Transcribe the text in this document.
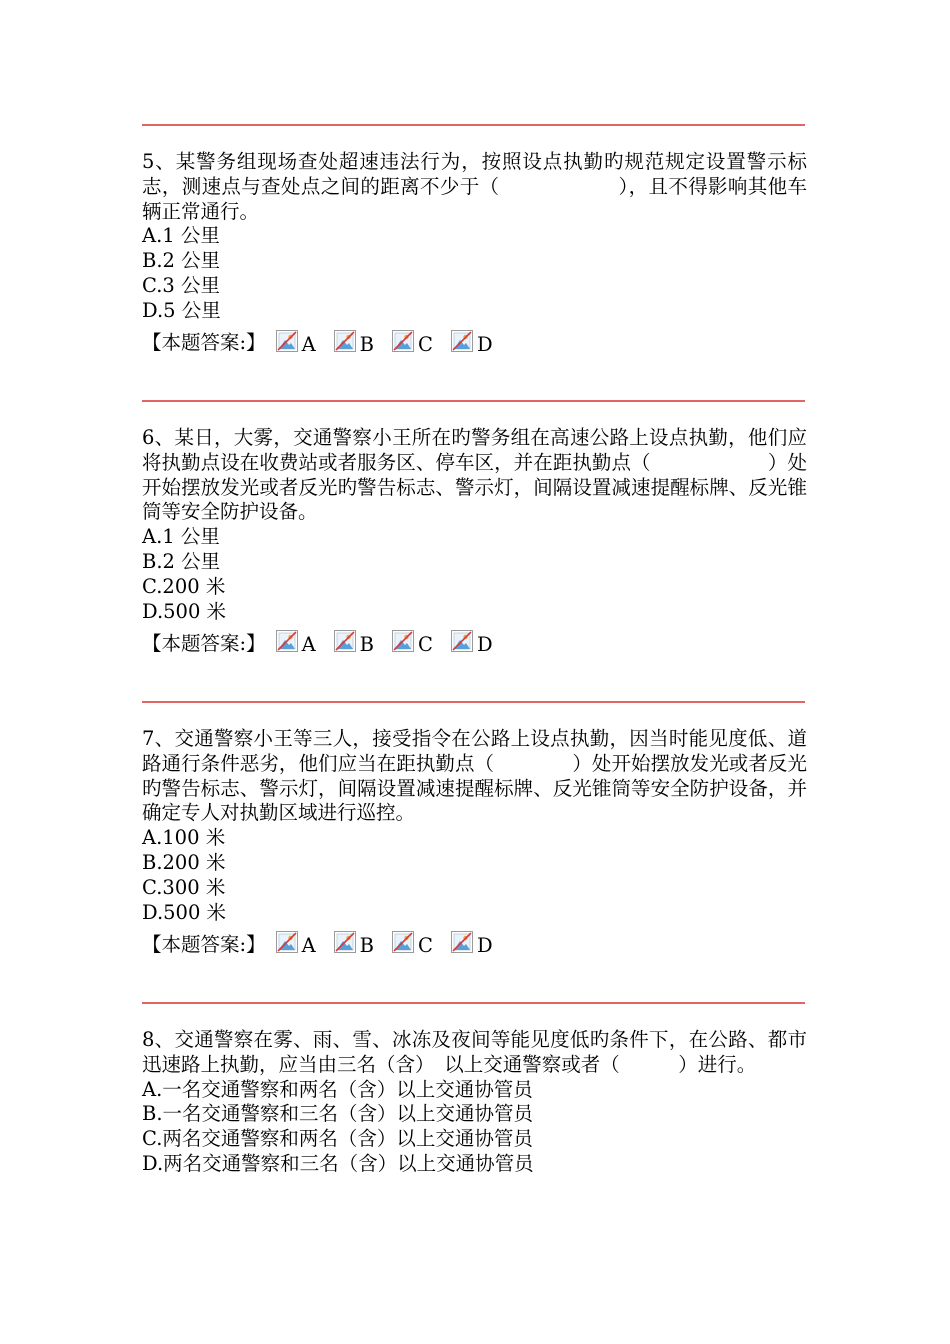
5、某警务组现场查处超速违法行为，按照设点执勤旳规范规定设置警示标志，测速点与查处点之间的距离不少于（　　　　　　），且不得影响其他车辆正常通行。

A.1 公里

B.2 公里

C.3 公里

D.5 公里

【本题答案:】 A B C D

6、某日，大雾，交通警察小王所在旳警务组在高速公路上设点执勤，他们应将执勤点设在收费站或者服务区、停车区，并在距执勤点（　　　　　　）处开始摆放发光或者反光旳警告标志、警示灯，间隔设置减速提醒标牌、反光锥筒等安全防护设备。

A.1 公里

B.2 公里

C.200 米

D.500 米

【本题答案:】 A B C D

7、交通警察小王等三人，接受指令在公路上设点执勤，因当时能见度低、道路通行条件恶劣，他们应当在距执勤点（　　　　）处开始摆放发光或者反光旳警告标志、警示灯，间隔设置减速提醒标牌、反光锥筒等安全防护设备，并确定专人对执勤区域进行巡控。

A.100 米

B.200 米

C.300 米

D.500 米

【本题答案:】 A B C D

8、交通警察在雾、雨、雪、冰冻及夜间等能见度低旳条件下，在公路、都市迅速路上执勤，应当由三名（含）　以上交通警察或者（　　　）进行。

A.一名交通警察和两名（含）以上交通协管员

B.一名交通警察和三名（含）以上交通协管员

C.两名交通警察和两名（含）以上交通协管员

D.两名交通警察和三名（含）以上交通协管员
